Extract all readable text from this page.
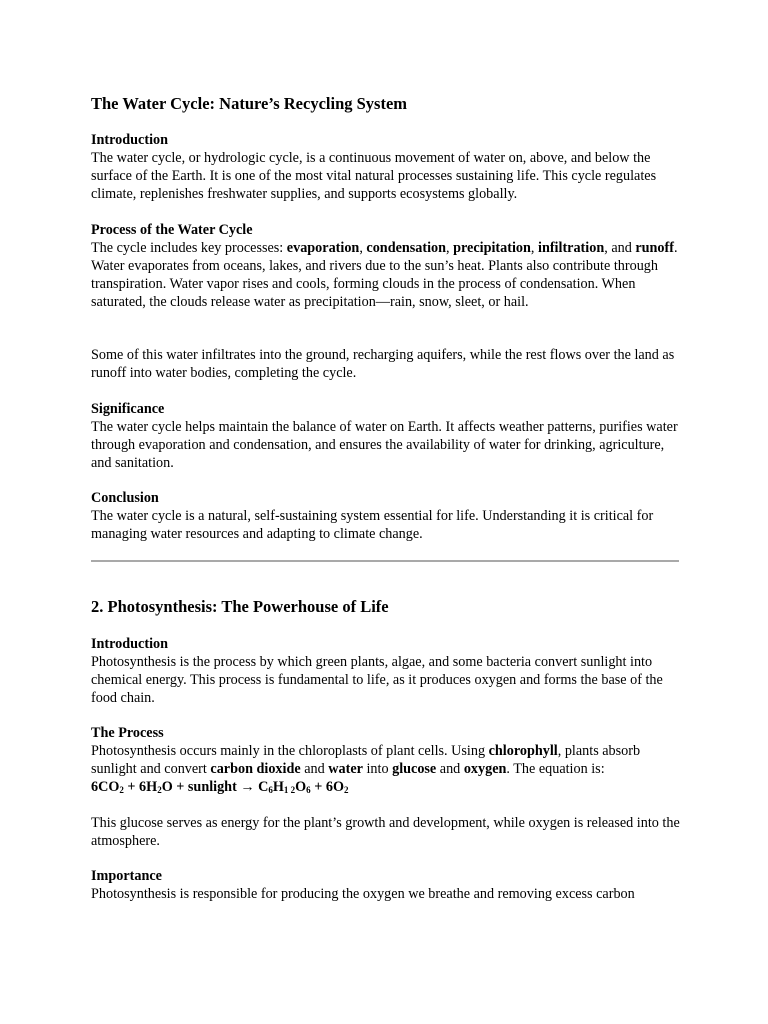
The Water Cycle: Nature’s Recycling System
Introduction

The water cycle, or hydrologic cycle, is a continuous movement of water on, above, and below the surface of the Earth. It is one of the most vital natural processes sustaining life. This cycle regulates climate, replenishes freshwater supplies, and supports ecosystems globally.

Process of the Water Cycle

The cycle includes key processes: evaporation, condensation, precipitation, infiltration, and runoff. Water evaporates from oceans, lakes, and rivers due to the sun’s heat. Plants also contribute through transpiration. Water vapor rises and cools, forming clouds in the process of condensation. When saturated, the clouds release water as precipitation—rain, snow, sleet, or hail.

Some of this water infiltrates into the ground, recharging aquifers, while the rest flows over the land as runoff into water bodies, completing the cycle.

Significance

The water cycle helps maintain the balance of water on Earth. It affects weather patterns, purifies water through evaporation and condensation, and ensures the availability of water for drinking, agriculture, and sanitation.

Conclusion

The water cycle is a natural, self-sustaining system essential for life. Understanding it is critical for managing water resources and adapting to climate change.

2. Photosynthesis: The Powerhouse of Life
Introduction

Photosynthesis is the process by which green plants, algae, and some bacteria convert sunlight into chemical energy. This process is fundamental to life, as it produces oxygen and forms the base of the food chain.

The Process

Photosynthesis occurs mainly in the chloroplasts of plant cells. Using chlorophyll, plants absorb sunlight and convert carbon dioxide and water into glucose and oxygen. The equation is:

$6CO_2 + 6H_2O$ + sunlight → $C_6H_{1 2}O_6 + 6O_2$

This glucose serves as energy for the plant’s growth and development, while oxygen is released into the atmosphere.

Importance

Photosynthesis is responsible for producing the oxygen we breathe and removing excess carbon
